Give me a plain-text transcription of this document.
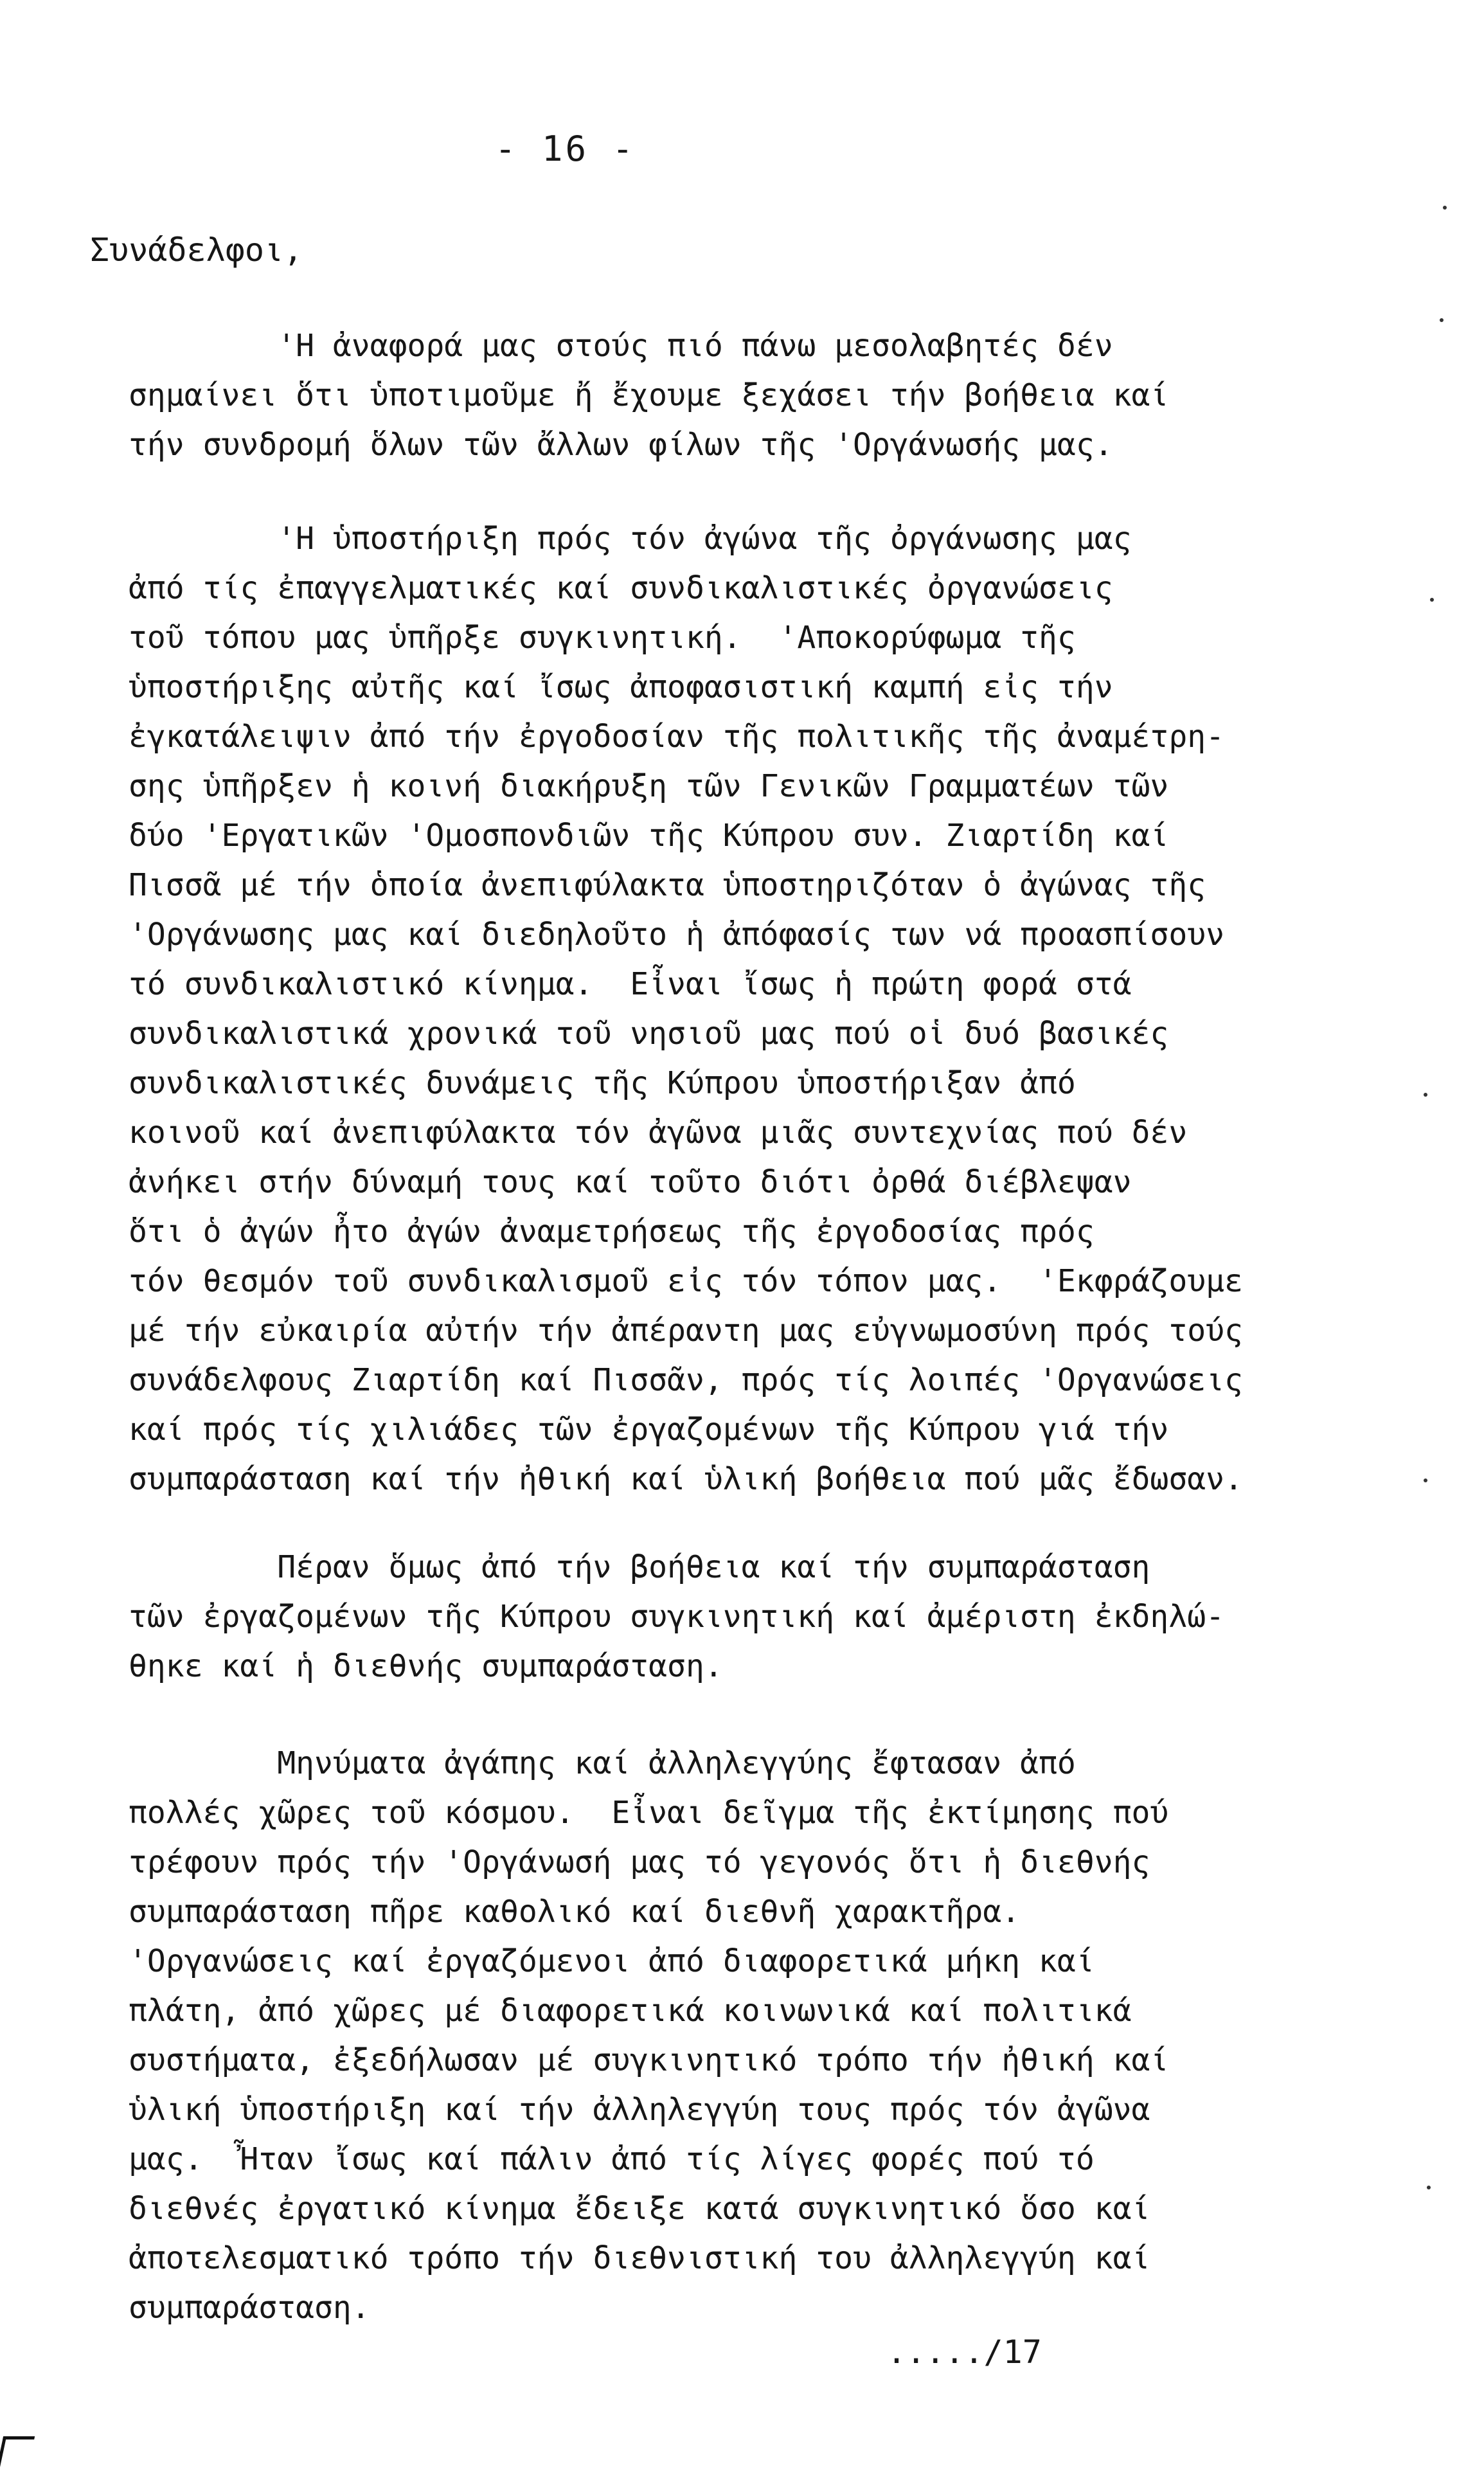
- 16 -
Συνάδελφοι,
'Η ἀναφορά μας στούς πιό πάνω μεσολαβητές δέν
σημαίνει ὅτι ὑποτιμοῦμε ἤ ἔχουμε ξεχάσει τήν βοήθεια καί
τήν συνδρομή ὅλων τῶν ἄλλων φίλων τῆς 'Οργάνωσής μας.
'Η ὑποστήριξη πρός τόν ἀγώνα τῆς ὀργάνωσης μας
ἀπό τίς ἐπαγγελματικές καί συνδικαλιστικές ὀργανώσεις
τοῦ τόπου μας ὑπῆρξε συγκινητική.  'Αποκορύφωμα τῆς
ὑποστήριξης αὐτῆς καί ἴσως ἀποφασιστική καμπή εἰς τήν
ἐγκατάλειψιν ἀπό τήν ἐργοδοσίαν τῆς πολιτικῆς τῆς ἀναμέτρη-
σης ὑπῆρξεν ἡ κοινή διακήρυξη τῶν Γενικῶν Γραμματέων τῶν
δύο 'Εργατικῶν 'Ομοσπονδιῶν τῆς Κύπρου συν. Ζιαρτίδη καί
Πισσᾶ μέ τήν ὁποία ἀνεπιφύλακτα ὑποστηριζόταν ὁ ἀγώνας τῆς
'Οργάνωσης μας καί διεδηλοῦτο ἡ ἀπόφασίς των νά προασπίσουν
τό συνδικαλιστικό κίνημα.  Εἶναι ἴσως ἡ πρώτη φορά στά
συνδικαλιστικά χρονικά τοῦ νησιοῦ μας πού οἱ δυό βασικές
συνδικαλιστικές δυνάμεις τῆς Κύπρου ὑποστήριξαν ἀπό
κοινοῦ καί ἀνεπιφύλακτα τόν ἀγῶνα μιᾶς συντεχνίας πού δέν
ἀνήκει στήν δύναμή τους καί τοῦτο διότι ὀρθά διέβλεψαν
ὅτι ὁ ἀγών ἦτο ἀγών ἀναμετρήσεως τῆς ἐργοδοσίας πρός
τόν θεσμόν τοῦ συνδικαλισμοῦ εἰς τόν τόπον μας.  'Εκφράζουμε
μέ τήν εὐκαιρία αὐτήν τήν ἀπέραντη μας εὐγνωμοσύνη πρός τούς
συνάδελφους Ζιαρτίδη καί Πισσᾶν, πρός τίς λοιπές 'Οργανώσεις
καί πρός τίς χιλιάδες τῶν ἐργαζομένων τῆς Κύπρου γιά τήν
συμπαράσταση καί τήν ἠθική καί ὑλική βοήθεια πού μᾶς ἔδωσαν.
Πέραν ὅμως ἀπό τήν βοήθεια καί τήν συμπαράσταση
τῶν ἐργαζομένων τῆς Κύπρου συγκινητική καί ἀμέριστη ἐκδηλώ-
θηκε καί ἡ διεθνής συμπαράσταση.
Μηνύματα ἀγάπης καί ἀλληλεγγύης ἔφτασαν ἀπό
πολλές χῶρες τοῦ κόσμου.  Εἶναι δεῖγμα τῆς ἐκτίμησης πού
τρέφουν πρός τήν 'Οργάνωσή μας τό γεγονός ὅτι ἡ διεθνής
συμπαράσταση πῆρε καθολικό καί διεθνῆ χαρακτῆρα.
'Οργανώσεις καί ἐργαζόμενοι ἀπό διαφορετικά μήκη καί
πλάτη, ἀπό χῶρες μέ διαφορετικά κοινωνικά καί πολιτικά
συστήματα, ἐξεδήλωσαν μέ συγκινητικό τρόπο τήν ἠθική καί
ὑλική ὑποστήριξη καί τήν ἀλληλεγγύη τους πρός τόν ἀγῶνα
μας.  Ἦταν ἴσως καί πάλιν ἀπό τίς λίγες φορές πού τό
διεθνές ἐργατικό κίνημα ἔδειξε κατά συγκινητικό ὅσο καί
ἀποτελεσματικό τρόπο τήν διεθνιστική του ἀλληλεγγύη καί
συμπαράσταση.
...../17
